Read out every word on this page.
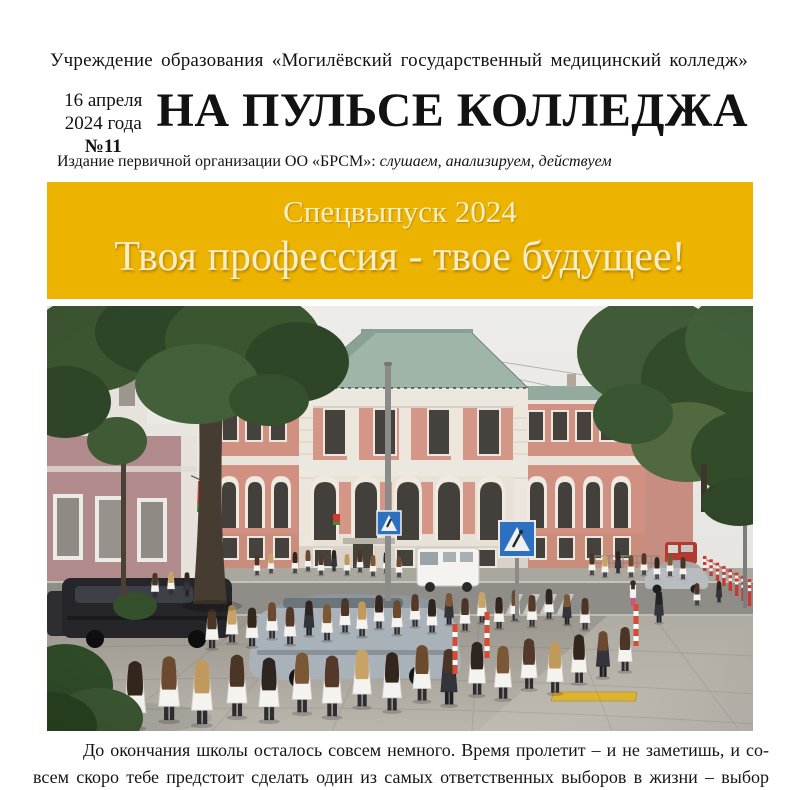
Учреждение образования «Могилёвский государственный медицинский колледж»
16 апреля
2024 года
№11
НА ПУЛЬСЕ КОЛЛЕДЖА
Издание первичной организации ОО «БРСМ»: слушаем, анализируем, действуем
Спецвыпуск 2024
Твоя профессия - твое будущее!
До окончания школы осталось совсем немного. Время пролетит – и не заметишь, и со-
всем скоро тебе предстоит сделать один из самых ответственных выборов в жизни – выбор
